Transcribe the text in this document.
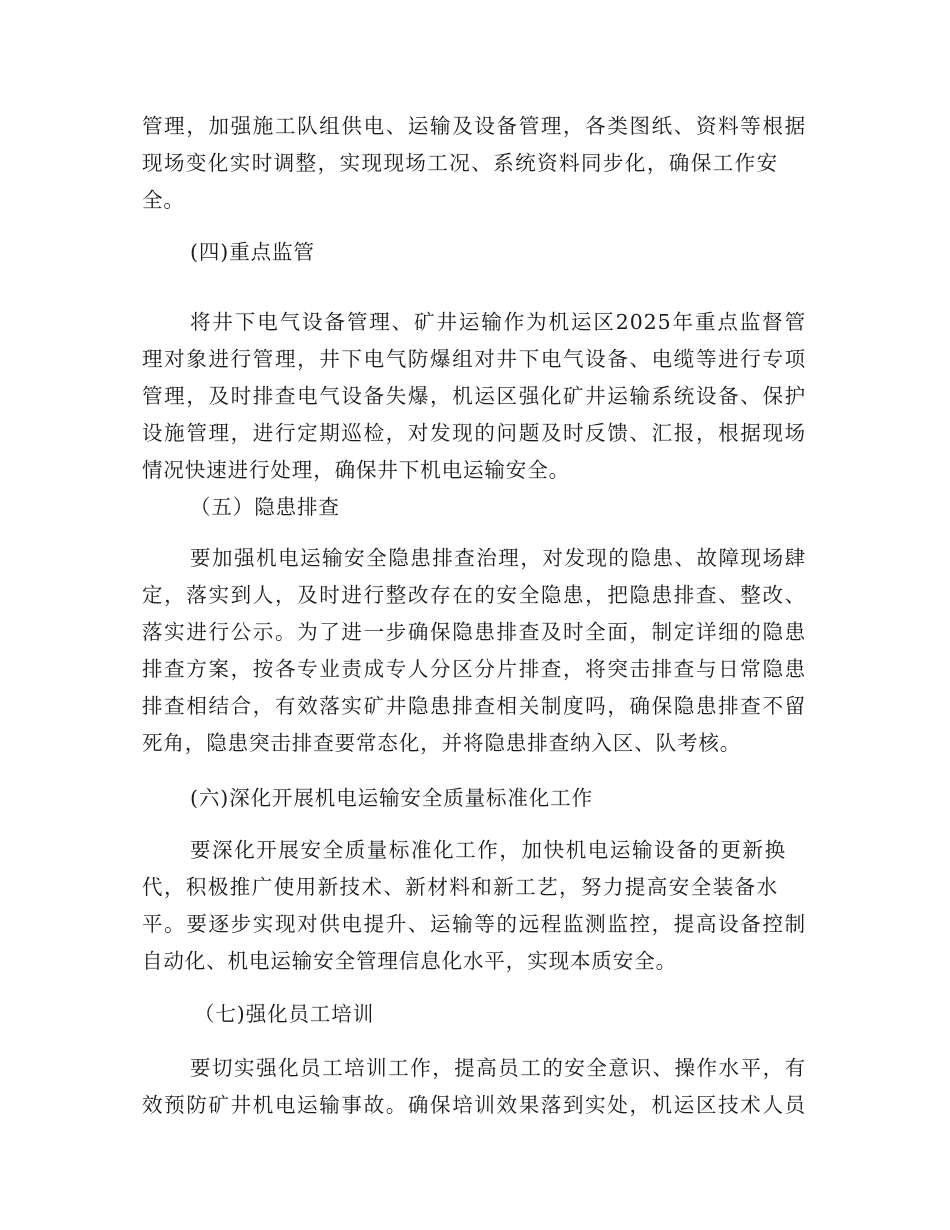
管理，加强施工队组供电、运输及设备管理，各类图纸、资料等根据
现场变化实时调整，实现现场工况、系统资料同步化，确保工作安
全。
(四)重点监管
将井下电气设备管理、矿井运输作为机运区2025年重点监督管
理对象进行管理，井下电气防爆组对井下电气设备、电缆等进行专项
管理，及时排查电气设备失爆，机运区强化矿井运输系统设备、保护
设施管理，进行定期巡检，对发现的问题及时反馈、汇报，根据现场
情况快速进行处理，确保井下机电运输安全。
（五）隐患排查
要加强机电运输安全隐患排查治理，对发现的隐患、故障现场肆
定，落实到人，及时进行整改存在的安全隐患，把隐患排查、整改、
落实进行公示。为了进一步确保隐患排查及时全面，制定详细的隐患
排查方案，按各专业责成专人分区分片排查，将突击排查与日常隐患
排查相结合，有效落实矿井隐患排查相关制度吗，确保隐患排查不留
死角，隐患突击排查要常态化，并将隐患排查纳入区、队考核。
(六)深化开展机电运输安全质量标准化工作
要深化开展安全质量标准化工作，加快机电运输设备的更新换
代，积极推广使用新技术、新材料和新工艺，努力提高安全装备水
平。要逐步实现对供电提升、运输等的远程监测监控，提高设备控制
自动化、机电运输安全管理信息化水平，实现本质安全。
（七)强化员工培训
要切实强化员工培训工作，提高员工的安全意识、操作水平，有
效预防矿井机电运输事故。确保培训效果落到实处，机运区技术人员
